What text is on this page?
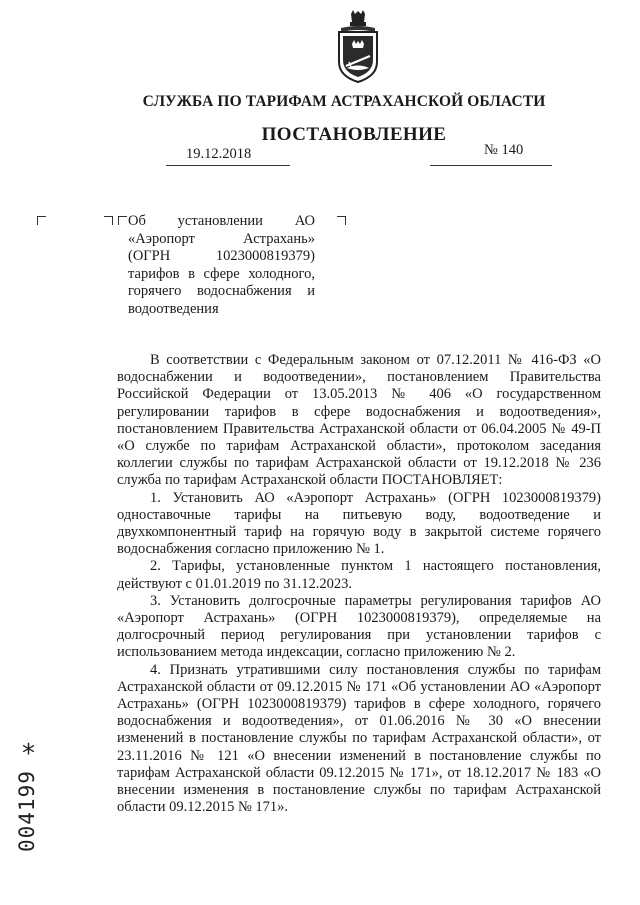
СЛУЖБА ПО ТАРИФАМ АСТРАХАНСКОЙ ОБЛАСТИ
ПОСТАНОВЛЕНИЕ
19.12.2018	№ 140
Об установлении АО «Аэропорт Астрахань» (ОГРН 1023000819379) тарифов в сфере холодного, горячего водоснабжения и водоотведения

В соответствии с Федеральным законом от 07.12.2011 № 416-ФЗ «О водоснабжении и водоотведении», постановлением Правительства Российской Федерации от 13.05.2013 № 406 «О государственном регулировании тарифов в сфере водоснабжения и водоотведения», постановлением Правительства Астраханской области от 06.04.2005 № 49-П «О службе по тарифам Астраханской области», протоколом заседания коллегии службы по тарифам Астраханской области от 19.12.2018 № 236 служба по тарифам Астраханской области ПОСТАНОВЛЯЕТ:

1. Установить АО «Аэропорт Астрахань» (ОГРН 1023000819379) одноставочные тарифы на питьевую воду, водоотведение и двухкомпонентный тариф на горячую воду в закрытой системе горячего водоснабжения согласно приложению № 1.

2. Тарифы, установленные пунктом 1 настоящего постановления, действуют с 01.01.2019 по 31.12.2023.

3. Установить долгосрочные параметры регулирования тарифов АО «Аэропорт Астрахань» (ОГРН 1023000819379), определяемые на долгосрочный период регулирования при установлении тарифов с использованием метода индексации, согласно приложению № 2.

4. Признать утратившими силу постановления службы по тарифам Астраханской области от 09.12.2015 № 171 «Об установлении АО «Аэропорт Астрахань» (ОГРН 1023000819379) тарифов в сфере холодного, горячего водоснабжения и водоотведения», от 01.06.2016 № 30 «О внесении изменений в постановление службы по тарифам Астраханской области», от 23.11.2016 № 121 «О внесении изменений в постановление службы по тарифам Астраханской области 09.12.2015 № 171», от 18.12.2017 № 183 «О внесении изменения в постановление службы по тарифам Астраханской области 09.12.2015 № 171».

*
004199
